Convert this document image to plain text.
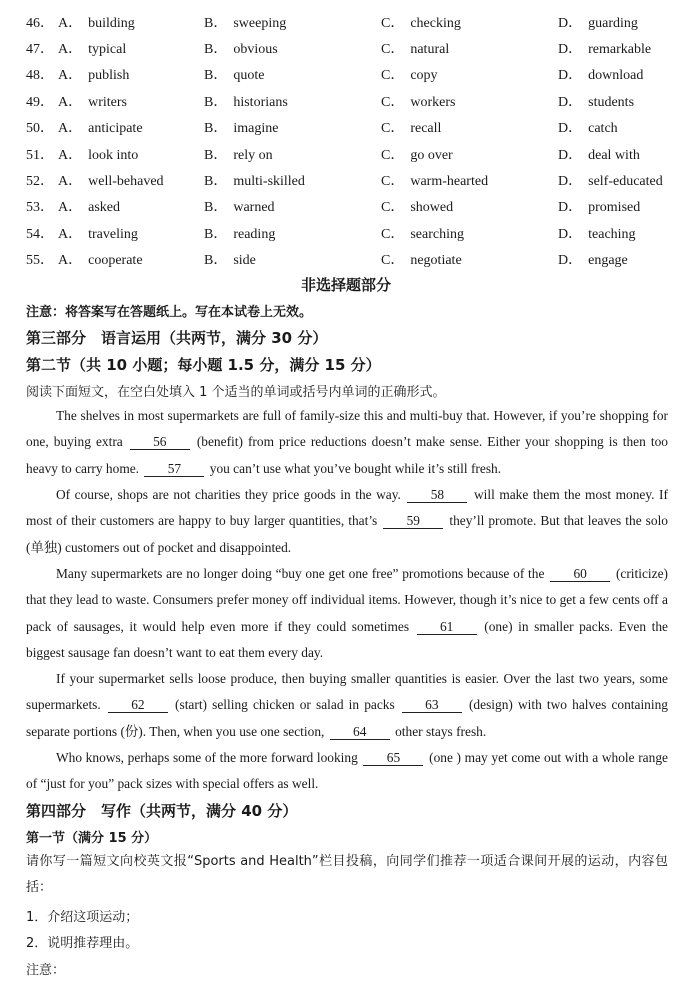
46． A． building	B． sweeping	C． checking	D． guarding
47． A． typical	B． obvious	C． natural	D． remarkable
48． A． publish	B． quote	C． copy	D． download
49． A． writers	B． historians	C． workers	D． students
50． A． anticipate	B． imagine	C． recall	D． catch
51． A． look into	B． rely on	C． go over	D． deal with
52． A． well-behaved	B． multi-skilled	C． warm-hearted	D． self-educated
53． A． asked	B． warned	C． showed	D． promised
54． A． traveling	B． reading	C． searching	D． teaching
55． A． cooperate	B． side	C． negotiate	D． engage
非选择题部分
注意：将答案写在答题纸上。写在本试卷上无效。
第三部分　语言运用（共两节，满分 30 分）
第二节（共 10 小题；每小题 1.5 分，满分 15 分）
阅读下面短文，在空白处填入 1 个适当的单词或括号内单词的正确形式。
The shelves in most supermarkets are full of family-size this and multi-buy that. However, if you’re shopping for one, buying extra 56 (benefit) from price reductions doesn’t make sense. Either your shopping is then too heavy to carry home. 57 you can’t use what you’ve bought while it’s still fresh.
Of course, shops are not charities they price goods in the way. 58 will make them the most money. If most of their customers are happy to buy larger quantities, that’s 59 they’ll promote. But that leaves the solo (单独) customers out of pocket and disappointed.
Many supermarkets are no longer doing “buy one get one free” promotions because of the 60 (criticize) that they lead to waste. Consumers prefer money off individual items. However, though it’s nice to get a few cents off a pack of sausages, it would help even more if they could sometimes 61 (one) in smaller packs. Even the biggest sausage fan doesn’t want to eat them every day.
If your supermarket sells loose produce, then buying smaller quantities is easier. Over the last two years, some supermarkets. 62 (start) selling chicken or salad in packs 63 (design) with two halves containing separate portions (份). Then, when you use one section, 64 other stays fresh.
Who knows, perhaps some of the more forward looking 65 (one ) may yet come out with a whole range of “just for you” pack sizes with special offers as well.
第四部分　写作（共两节，满分 40 分）
第一节（满分 15 分）
请你写一篇短文向校英文报“Sports and Health”栏目投稿，向同学们推荐一项适合课间开展的运动，内容包括：
1．介绍这项运动；
2．说明推荐理由。
注意：
